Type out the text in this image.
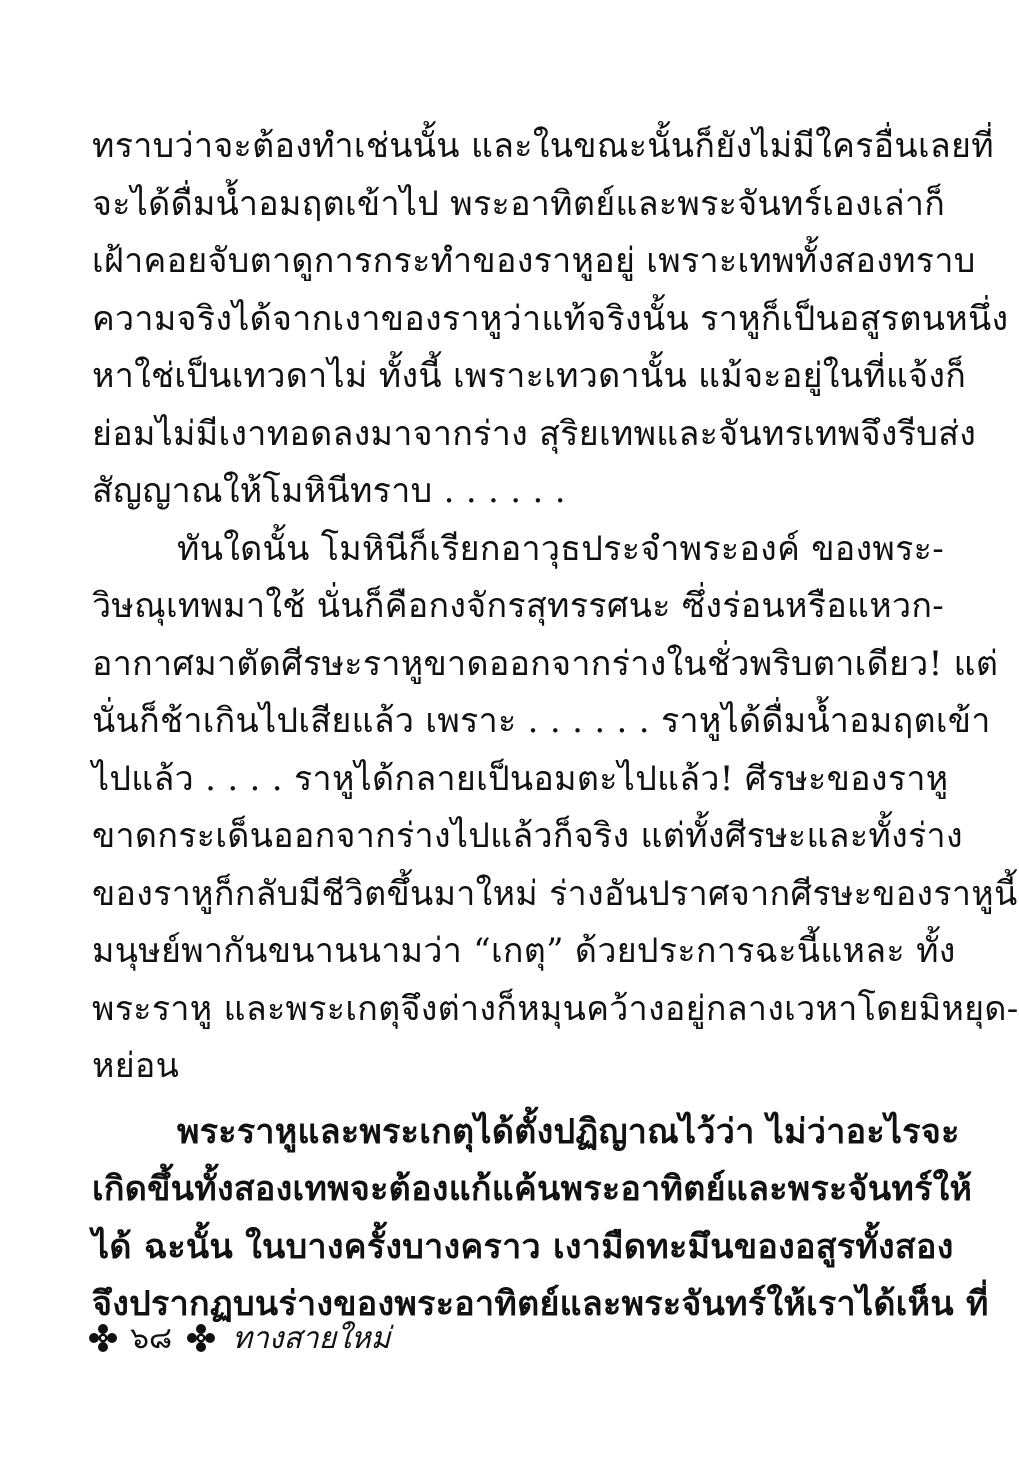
ทราบว่าจะต้องทำเช่นนั้น และในขณะนั้นก็ยังไม่มีใครอื่นเลยที่
จะได้ดื่มน้ำอมฤตเข้าไป พระอาทิตย์และพระจันทร์เองเล่าก็
เฝ้าคอยจับตาดูการกระทำของราหูอยู่ เพราะเทพทั้งสองทราบ
ความจริงได้จากเงาของราหูว่าแท้จริงนั้น ราหูก็เป็นอสูรตนหนึ่ง
หาใช่เป็นเทวดาไม่ ทั้งนี้ เพราะเทวดานั้น แม้จะอยู่ในที่แจ้งก็
ย่อมไม่มีเงาทอดลงมาจากร่าง สุริยเทพและจันทรเทพจึงรีบส่ง
สัญญาณให้โมหินีทราบ . . . . . .
ทันใดนั้น โมหินีก็เรียกอาวุธประจำพระองค์ ของพระ-
วิษณุเทพมาใช้ นั่นก็คือกงจักรสุทรรศนะ ซึ่งร่อนหรือแหวก-
อากาศมาตัดศีรษะราหูขาดออกจากร่างในชั่วพริบตาเดียว! แต่
นั่นก็ช้าเกินไปเสียแล้ว เพราะ . . . . . . ราหูได้ดื่มน้ำอมฤตเข้า
ไปแล้ว . . . . ราหูได้กลายเป็นอมตะไปแล้ว! ศีรษะของราหู
ขาดกระเด็นออกจากร่างไปแล้วก็จริง แต่ทั้งศีรษะและทั้งร่าง
ของราหูก็กลับมีชีวิตขึ้นมาใหม่ ร่างอันปราศจากศีรษะของราหูนี้
มนุษย์พากันขนานนามว่า “เกตุ” ด้วยประการฉะนี้แหละ ทั้ง
พระราหู และพระเกตุจึงต่างก็หมุนคว้างอยู่กลางเวหาโดยมิหยุด-
หย่อน
พระราหูและพระเกตุได้ตั้งปฏิญาณไว้ว่า ไม่ว่าอะไรจะ
เกิดขึ้นทั้งสองเทพจะต้องแก้แค้นพระอาทิตย์และพระจันทร์ให้
ได้ ฉะนั้น ในบางครั้งบางคราว เงามืดทะมึนของอสูรทั้งสอง
จึงปรากฏบนร่างของพระอาทิตย์และพระจันทร์ให้เราได้เห็น ที่
๖๘ ทางสายใหม่
